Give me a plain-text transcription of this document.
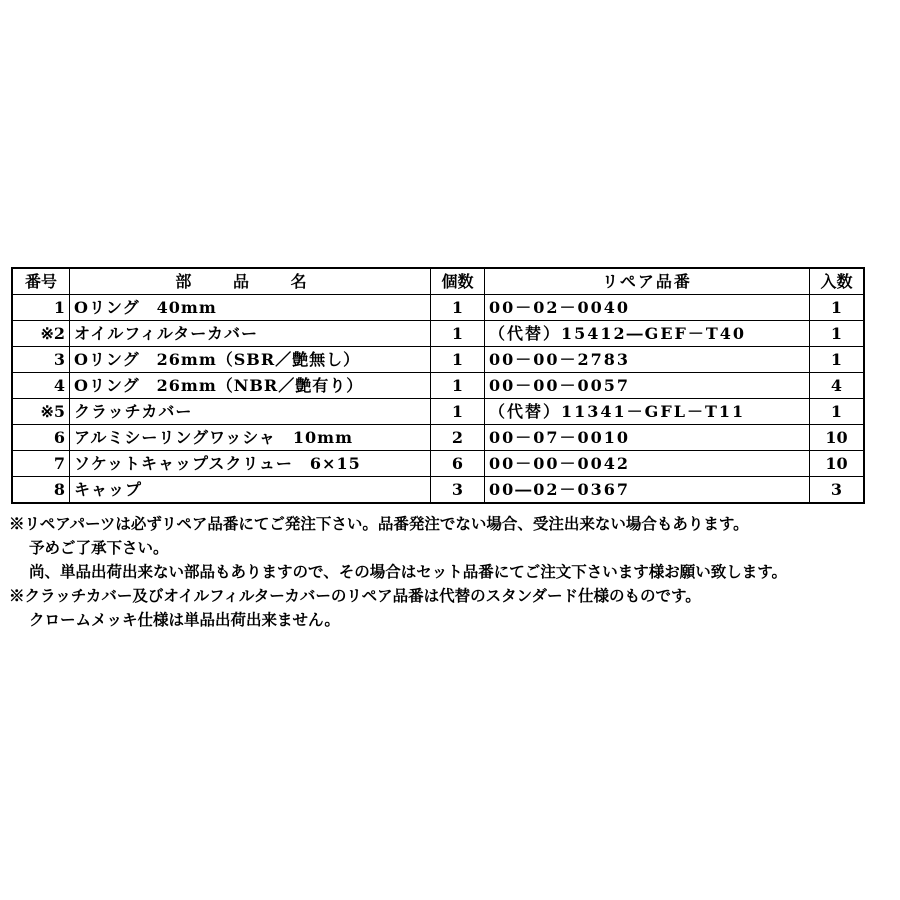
番号	部 品 名	個数	リペア品番	入数
1	Oリング　40mm	1	00－02－0040	1
※2	オイルフィルターカバー	1	（代替）15412―GEF－T40	1
3	Oリング　26mm（SBR／艶無し）	1	00－00－2783	1
4	Oリング　26mm（NBR／艶有り）	1	00－00－0057	4
※5	クラッチカバー	1	（代替）11341－GFL－T11	1
6	アルミシーリングワッシャ　10mm	2	00－07－0010	10
7	ソケットキャップスクリュー　6×15	6	00－00－0042	10
8	キャップ	3	00―02－0367	3
※リペアパーツは必ずリペア品番にてご発注下さい。品番発注でない場合、受注出来ない場合もあります。
予めご了承下さい。
尚、単品出荷出来ない部品もありますので、その場合はセット品番にてご注文下さいます様お願い致します。
※クラッチカバー及びオイルフィルターカバーのリペア品番は代替のスタンダード仕様のものです。
クロームメッキ仕様は単品出荷出来ません。
